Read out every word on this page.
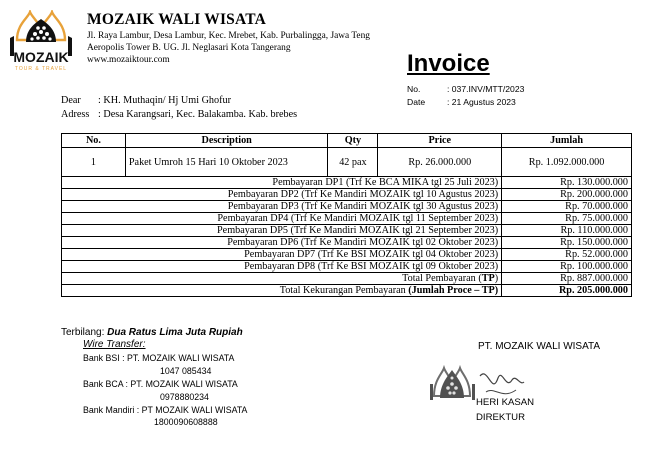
MOZAIK
TOUR & TRAVEL
MOZAIK WALI WISATA
Jl. Raya Lambur, Desa Lambur, Kec. Mrebet, Kab. Purbalingga, Jawa Teng
Aeropolis Tower B. UG. Jl. Neglasari Kota Tangerang
www.mozaiktour.com	Invoice
No.	: 037.INV/MTT/2023
Date	: 21 Agustus 2023
Dear : KH. Muthaqin/ Hj Umi Ghofur
Adress : Desa Karangsari, Kec. Balakamba. Kab. brebes
No.	Description	Qty	Price	Jumlah
1	Paket Umroh 15 Hari 10 Oktober 2023	42 pax	Rp. 26.000.000	Rp. 1.092.000.000
Pembayaran DP1 (Trf Ke BCA MIKA tgl 25 Juli 2023)				Rp. 130.000.000
Pembayaran DP2 (Trf Ke Mandiri MOZAIK tgl 10 Agustus 2023)				Rp. 200.000.000
Pembayaran DP3 (Trf Ke Mandiri MOZAIK tgl 30 Agustus 2023)				Rp. 70.000.000
Pembayaran DP4 (Trf Ke Mandiri MOZAIK tgl 11 September 2023)				Rp. 75.000.000
Pembayaran DP5 (Trf Ke Mandiri MOZAIK tgl 21 September 2023)				Rp. 110.000.000
Pembayaran DP6 (Trf Ke Mandiri MOZAIK tgl 02 Oktober 2023)				Rp. 150.000.000
Pembayaran DP7 (Trf Ke BSI MOZAIK tgl 04 Oktober 2023)				Rp. 52.000.000
Pembayaran DP8 (Trf Ke BSI MOZAIK tgl 09 Oktober 2023)				Rp. 100.000.000
Total Pembayaran (TP)				Rp. 887.000.000
Total Kekurangan Pembayaran (Jumlah Proce – TP)				Rp. 205.000.000
Terbilang: Dua Ratus Lima Juta Rupiah
Wire Transfer:
Bank BSI : PT. MOZAIK WALI WISATA
1047 085434
Bank BCA : PT. MOZAIK WALI WISATA
0978880234
Bank Mandiri : PT MOZAIK WALI WISATA
1800090608888
PT. MOZAIK WALI WISATA
HERI KASAN
DIREKTUR
